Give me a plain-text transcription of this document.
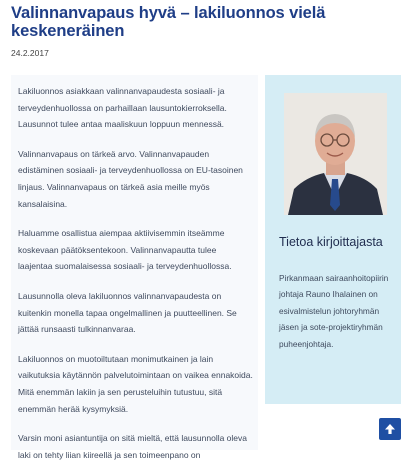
Valinnanvapaus hyvä – lakiluonnos vielä keskeneräinen
24.2.2017

Lakiluonnos asiakkaan valinnanvapaudesta sosiaali- ja terveydenhuollossa on parhaillaan lausuntokierroksella. Lausunnot tulee antaa maaliskuun loppuun mennessä.

Valinnanvapaus on tärkeä arvo. Valinnanvapauden edistäminen sosiaali- ja terveydenhuollossa on EU-tasoinen linjaus. Valinnanvapaus on tärkeä asia meille myös kansalaisina.

Haluamme osallistua aiempaa aktiivisemmin itseämme koskevaan päätöksentekoon. Valinnanvapautta tulee laajentaa suomalaisessa sosiaali- ja terveydenhuollossa.

Lausunnolla oleva lakiluonnos valinnanvapaudesta on kuitenkin monella tapaa ongelmallinen ja puutteellinen. Se jättää runsaasti tulkinnanvaraa.

Lakiluonnos on muotoiltutaan monimutkainen ja lain vaikutuksia käytännön palvelutoimintaan on vaikea ennakoida. Mitä enemmän lakiin ja sen perusteluihin tutustuu, sitä enemmän herää kysymyksiä.

Varsin moni asiantuntija on sitä mieltä, että lausunnolla oleva laki on tehty liian kiireellä ja sen toimeenpano on

Tietoa kirjoittajasta

Pirkanmaan sairaanhoitopiirin johtaja Rauno Ihalainen on esivalmistelun johtoryhmän jäsen ja sote-projektiryhmän puheenjohtaja.
